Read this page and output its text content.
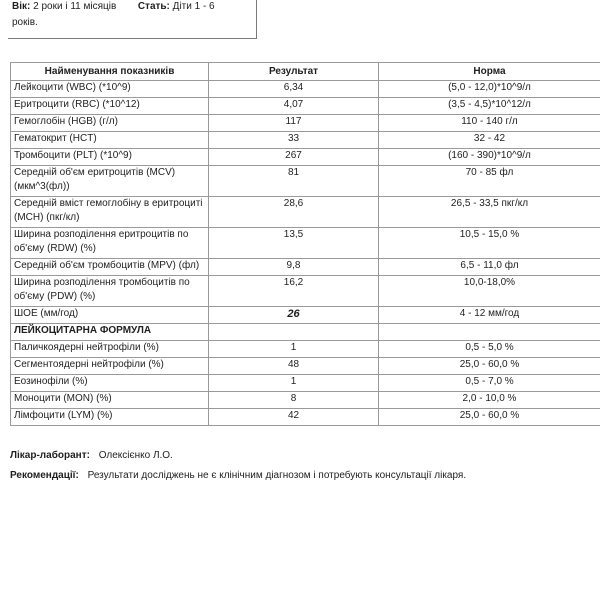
Вік: 2 роки і 11 місяців Стать: Діти 1 - 6
років.
Найменування показників	Результат	Норма
Лейкоцити (WBC) (*10^9)	6,34	(5,0 - 12,0)*10^9/л
Еритроцити (RBC) (*10^12)	4,07	(3,5 - 4,5)*10^12/л
Гемоглобін (HGB) (г/л)	117	110 - 140 г/л
Гематокрит (HCT)	33	32 - 42
Тромбоцити (PLT) (*10^9)	267	(160 - 390)*10^9/л
Середній об'єм еритроцитів (MCV) (мкм^3(фл))	81	70 - 85 фл
Середній вміст гемоглобіну в еритроциті (MCH) (пкг/кл)	28,6	26,5 - 33,5 пкг/кл
Ширина розподілення еритроцитів по об'єму (RDW) (%)	13,5	10,5 - 15,0 %
Середній об'єм тромбоцитів (MPV) (фл)	9,8	6,5 - 11,0 фл
Ширина розподілення тромбоцитів по об'єму (PDW) (%)	16,2	10,0-18,0%
ШОЕ (мм/год)	26	4 - 12 мм/год
ЛЕЙКОЦИТАРНА ФОРМУЛА		
Паличкоядерні нейтрофіли (%)	1	0,5 - 5,0 %
Сегментоядерні нейтрофіли (%)	48	25,0 - 60,0 %
Еозинофіли (%)	1	0,5 - 7,0 %
Моноцити (MON) (%)	8	2,0 - 10,0 %
Лімфоцити (LYM) (%)	42	25,0 - 60,0 %
Лікар-лаборант: Олексієнко Л.О.
Рекомендації: Результати досліджень не є клінічним діагнозом і потребують консультації лікаря.
